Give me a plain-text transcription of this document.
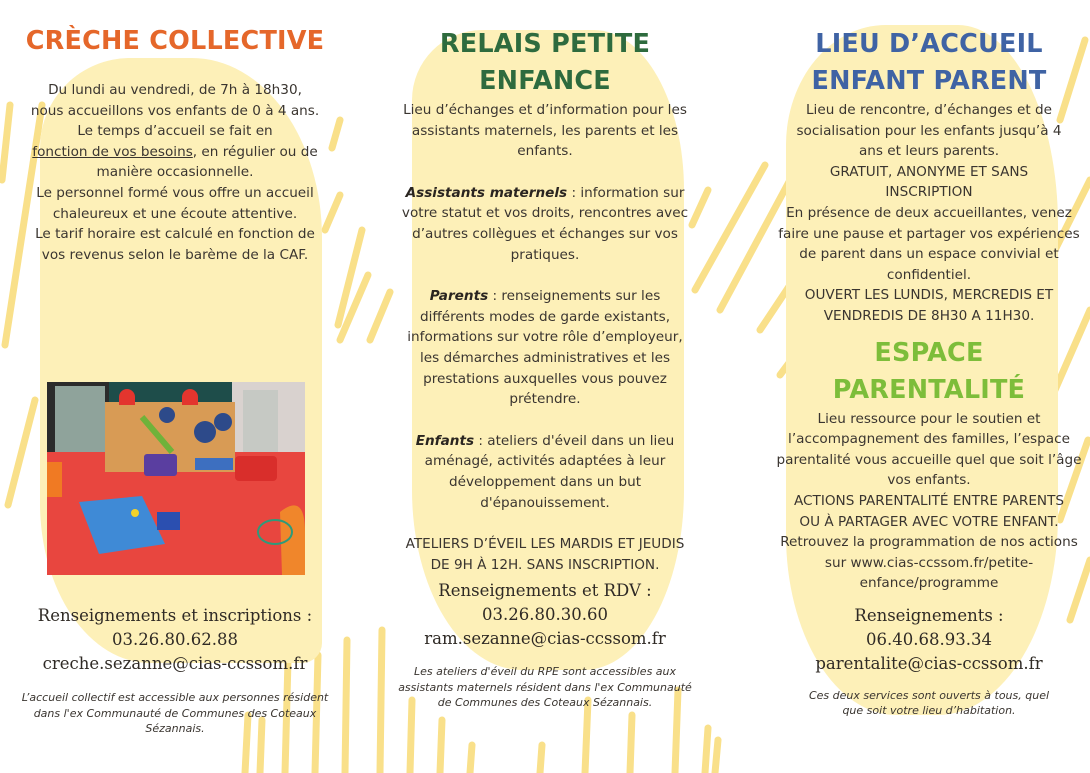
CRÈCHE COLLECTIVE

Du lundi au vendredi, de 7h à 18h30, nous accueillons vos enfants de 0 à 4 ans.

Le temps d’accueil se fait en
fonction de vos besoins, en régulier ou de manière occasionnelle.

Le personnel formé vous offre un accueil chaleureux et une écoute attentive.

Le tarif horaire est calculé en fonction de vos revenus selon le barème de la CAF.

Renseignements et inscriptions :

03.26.80.62.88

creche.sezanne@cias-ccssom.fr

L’accueil collectif est accessible aux personnes résident dans l'ex Communauté de Communes des Coteaux Sézannais.

RELAIS PETITE
ENFANCE

Lieu d’échanges et d’information pour les assistants maternels, les parents et les enfants.

Assistants maternels : information sur votre statut et vos droits, rencontres avec d’autres collègues et échanges sur vos pratiques.

Parents : renseignements sur les différents modes de garde existants, informations sur votre rôle d’employeur, les démarches administratives et les prestations auxquelles vous pouvez prétendre.

Enfants : ateliers d'éveil dans un lieu aménagé, activités adaptées à leur développement dans un but d'épanouissement.

ATELIERS D’ÉVEIL LES MARDIS ET JEUDIS DE 9H À 12H. SANS INSCRIPTION.

Renseignements et RDV :

03.26.80.30.60

ram.sezanne@cias-ccssom.fr

Les ateliers d'éveil du RPE sont accessibles aux assistants maternels résident dans l'ex Communauté de Communes des Coteaux Sézannais.

LIEU D’ACCUEIL
ENFANT PARENT

Lieu de rencontre, d’échanges et de socialisation pour les enfants jusqu’à 4 ans et leurs parents.

GRATUIT, ANONYME ET SANS INSCRIPTION

En présence de deux accueillantes, venez faire une pause et partager vos expériences de parent dans un espace convivial et confidentiel.

OUVERT LES LUNDIS, MERCREDIS ET VENDREDIS DE 8H30 A 11H30.

ESPACE
PARENTALITÉ

Lieu ressource pour le soutien et l’accompagnement des familles, l’espace parentalité vous accueille quel que soit l’âge vos enfants.

ACTIONS PARENTALITÉ ENTRE PARENTS OU À PARTAGER AVEC VOTRE ENFANT.

Retrouvez la programmation de nos actions sur www.cias-ccssom.fr/petite-enfance/programme

Renseignements :

06.40.68.93.34

parentalite@cias-ccssom.fr

Ces deux services sont ouverts à tous, quel que soit votre lieu d’habitation.
